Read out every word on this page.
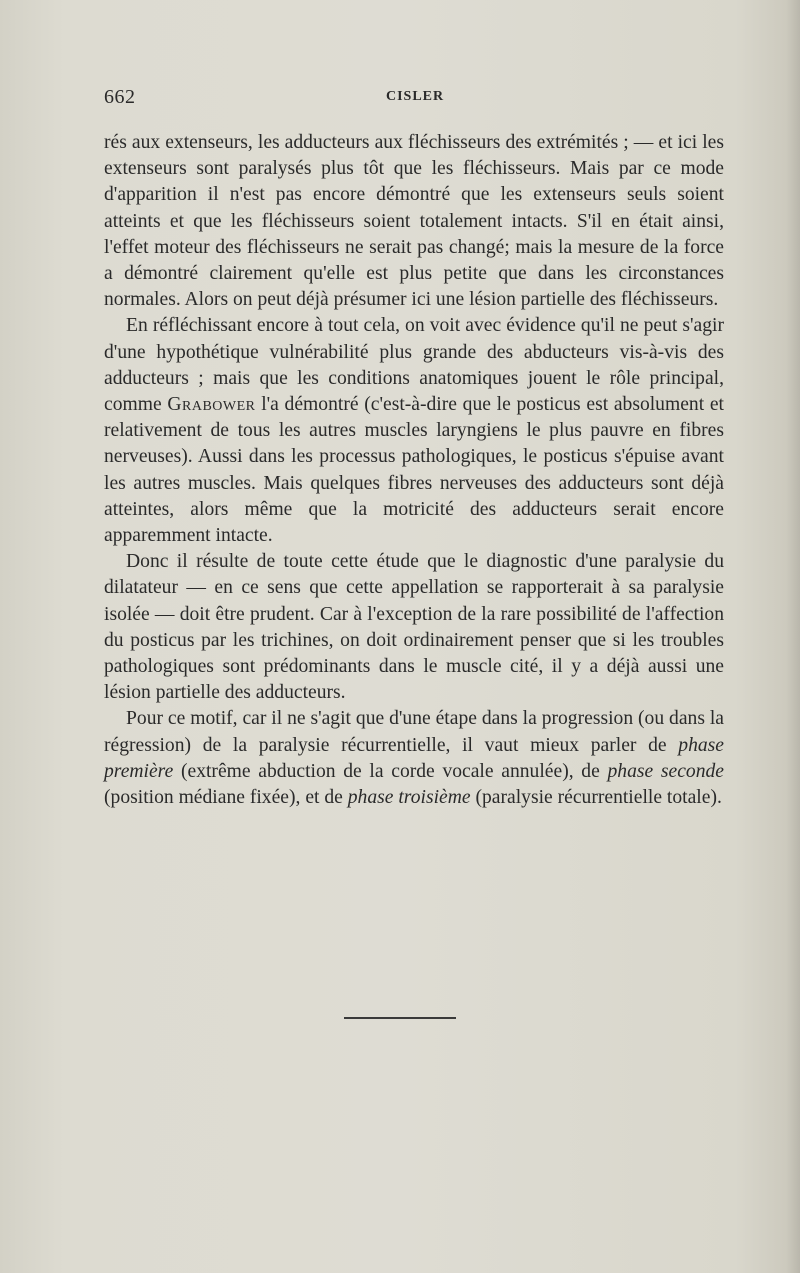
662	CISLER

rés aux extenseurs, les adducteurs aux fléchisseurs des extrémités ; — et ici les extenseurs sont paralysés plus tôt que les fléchisseurs. Mais par ce mode d'apparition il n'est pas encore démontré que les extenseurs seuls soient atteints et que les fléchisseurs soient totalement intacts. S'il en était ainsi, l'effet moteur des fléchisseurs ne serait pas changé; mais la mesure de la force a démontré clairement qu'elle est plus petite que dans les circonstances normales. Alors on peut déjà présumer ici une lésion partielle des fléchisseurs.

En réfléchissant encore à tout cela, on voit avec évidence qu'il ne peut s'agir d'une hypothétique vulnérabilité plus grande des abducteurs vis-à-vis des adducteurs ; mais que les conditions anatomiques jouent le rôle principal, comme Grabower l'a démontré (c'est-à-dire que le posticus est absolument et relativement de tous les autres muscles laryngiens le plus pauvre en fibres nerveuses). Aussi dans les processus pathologiques, le posticus s'épuise avant les autres muscles. Mais quelques fibres nerveuses des adducteurs sont déjà atteintes, alors même que la motricité des adducteurs serait encore apparemment intacte.

Donc il résulte de toute cette étude que le diagnostic d'une paralysie du dilatateur — en ce sens que cette appellation se rapporterait à sa paralysie isolée — doit être prudent. Car à l'exception de la rare possibilité de l'affection du posticus par les trichines, on doit ordinairement penser que si les troubles pathologiques sont prédominants dans le muscle cité, il y a déjà aussi une lésion partielle des adducteurs.

Pour ce motif, car il ne s'agit que d'une étape dans la progression (ou dans la régression) de la paralysie récurrentielle, il vaut mieux parler de phase première (extrême abduction de la corde vocale annulée), de phase seconde (position médiane fixée), et de phase troisième (paralysie récurrentielle totale).
